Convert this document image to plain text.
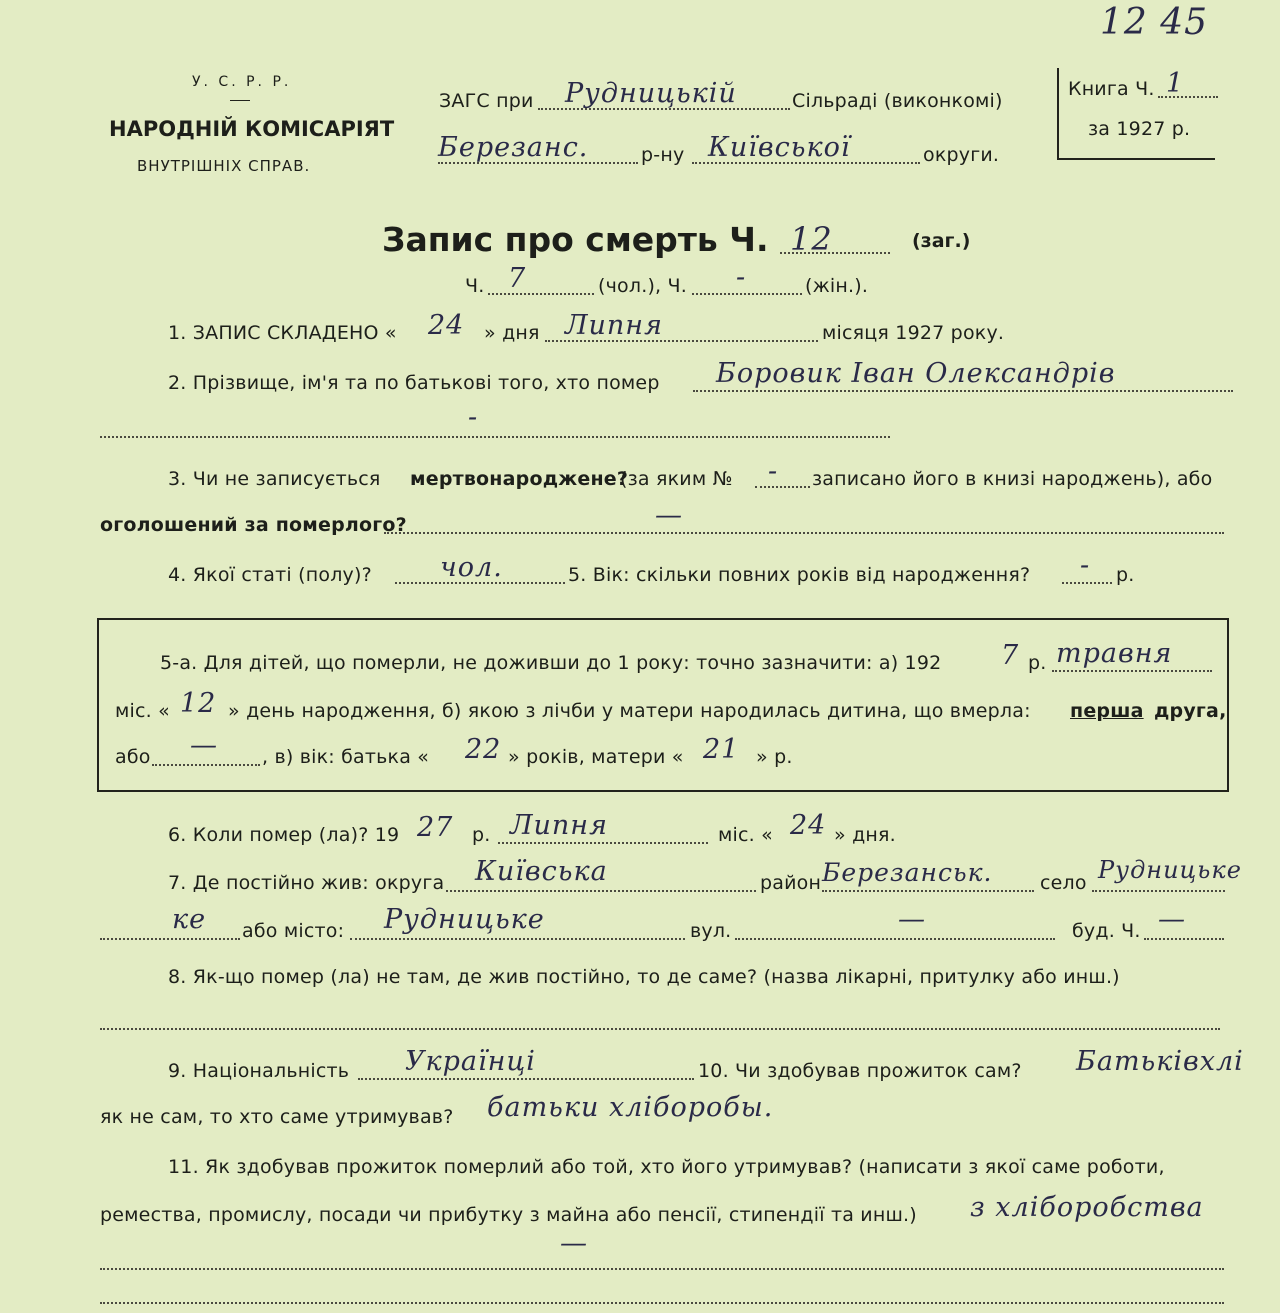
12 45
У. С. Р. Р.
НАРОДНІЙ КОМІСАРІЯТ
ВНУТРІШНІХ СПРАВ.
ЗАГС при Рудницькій	Сільраді (виконкомі)
Березанс.	р-ну Київської	округи.
Книга Ч. 1
за 1927 р.
Запис про смерть Ч. 12	(заг.)
Ч. 7	(чол.), Ч. -	(жін.).
1. ЗАПИС СКЛАДЕНО « 24 » дня Липня	місяця 1927 року.
2. Прізвище, ім'я та по батькові того, хто помер Боровик Іван Олександрів
-
3. Чи не записується мертвонароджене?
(за яким № - записано його в книзі народжень), або
оголошений за померлого?	—
4. Якої статі (полу)?	чол.	5. Вік: скільки повних років від народження? - р.
5-а. Для дітей, що померли, не доживши до 1 року: точно зазначити: а) 192 7 р. травня
міс. « 12 » день народження, б) якою з лічби у матери народилась дитина, що вмерла: перша друга,
або — , в) вік: батька « 22 » років, матери « 21 » р.
6. Коли помер (ла)? 19 27 р. Липня	міс. « 24 » дня.
7. Де постійно жив: округа Київська	район Березанськ.	село Рудницьке
ке або місто: Рудницьке	вул.	—	буд. Ч. —
8. Як-що помер (ла) не там, де жив постійно, то де саме? (назва лікарні, притулку або инш.)
9. Національність Українці	10. Чи здобував прожиток сам? Батьківхлі
як не сам, то хто саме утримував? батьки хліборобы.
11. Як здобував прожиток померлий або той, хто його утримував? (написати з якої саме роботи,
ремества, промислу, посади чи прибутку з майна або пенсії, стипендії та инш.) з хліборобства
—
